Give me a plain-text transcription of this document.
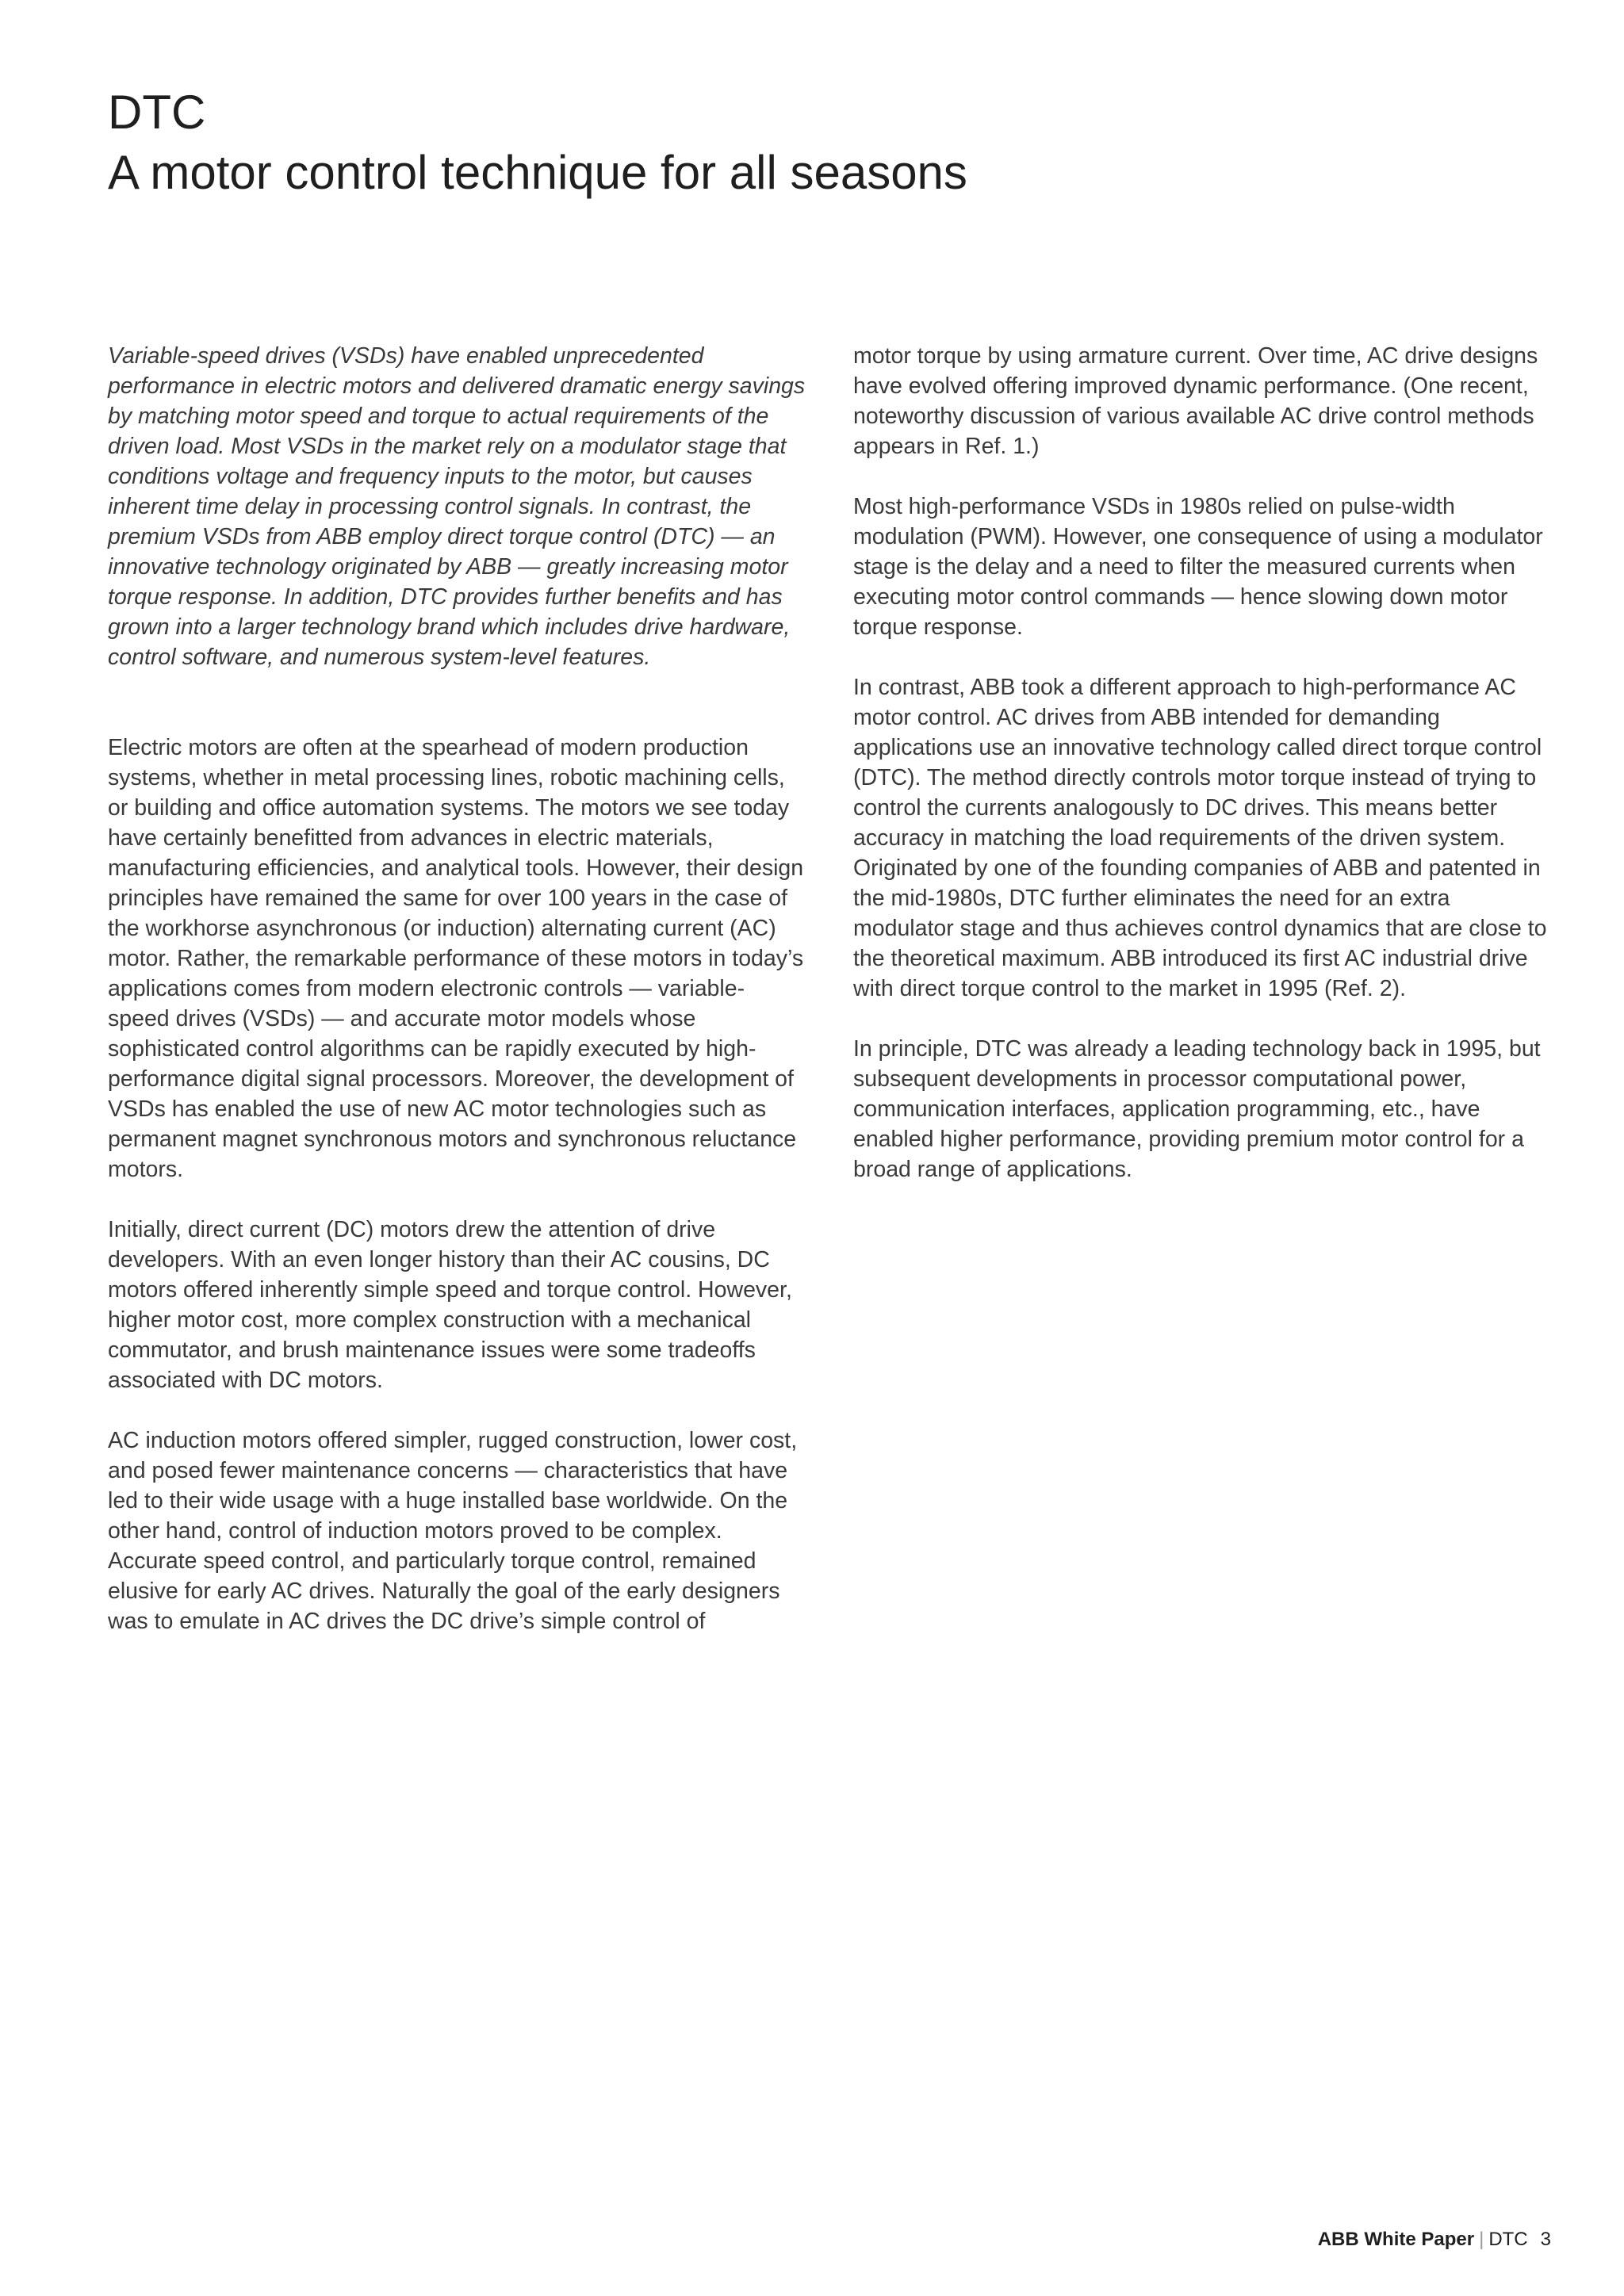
DTC
A motor control technique for all seasons

Variable-speed drives (VSDs) have enabled unprecedented performance in electric motors and delivered dramatic energy savings by matching motor speed and torque to actual requirements of the driven load. Most VSDs in the market rely on a modulator stage that conditions voltage and frequency inputs to the motor, but causes inherent time delay in processing control signals. In contrast, the premium VSDs from ABB employ direct torque control (DTC) — an innovative technology originated by ABB — greatly increasing motor torque response. In addition, DTC provides further benefits and has grown into a larger technology brand which includes drive hardware, control software, and numerous system-level features.

Electric motors are often at the spearhead of modern production systems, whether in metal processing lines, robotic machining cells, or building and office automation systems. The motors we see today have certainly benefitted from advances in electric materials, manufacturing efficiencies, and analytical tools. However, their design principles have remained the same for over 100 years in the case of the workhorse asynchronous (or induction) alternating current (AC) motor. Rather, the remarkable performance of these motors in today’s applications comes from modern electronic controls — variable-speed drives (VSDs) — and accurate motor models whose sophisticated control algorithms can be rapidly executed by high-performance digital signal processors. Moreover, the development of VSDs has enabled the use of new AC motor technologies such as permanent magnet synchronous motors and synchronous reluctance motors.

Initially, direct current (DC) motors drew the attention of drive developers. With an even longer history than their AC cousins, DC motors offered inherently simple speed and torque control. However, higher motor cost, more complex construction with a mechanical commutator, and brush maintenance issues were some tradeoffs associated with DC motors.

AC induction motors offered simpler, rugged construction, lower cost, and posed fewer maintenance concerns — characteristics that have led to their wide usage with a huge installed base worldwide. On the other hand, control of induction motors proved to be complex. Accurate speed control, and particularly torque control, remained elusive for early AC drives. Naturally the goal of the early designers was to emulate in AC drives the DC drive’s simple control of

motor torque by using armature current. Over time, AC drive designs have evolved offering improved dynamic performance. (One recent, noteworthy discussion of various available AC drive control methods appears in Ref. 1.)

Most high-performance VSDs in 1980s relied on pulse-width modulation (PWM). However, one consequence of using a modulator stage is the delay and a need to filter the measured currents when executing motor control commands — hence slowing down motor torque response.

In contrast, ABB took a different approach to high-performance AC motor control. AC drives from ABB intended for demanding applications use an innovative technology called direct torque control (DTC). The method directly controls motor torque instead of trying to control the currents analogously to DC drives. This means better accuracy in matching the load requirements of the driven system. Originated by one of the founding companies of ABB and patented in the mid-1980s, DTC further eliminates the need for an extra modulator stage and thus achieves control dynamics that are close to the theoretical maximum. ABB introduced its first AC industrial drive with direct torque control to the market in 1995 (Ref. 2).

In principle, DTC was already a leading technology back in 1995, but subsequent developments in processor computational power, communication interfaces, application programming, etc., have enabled higher performance, providing premium motor control for a broad range of applications.

ABB White Paper | DTC 3
